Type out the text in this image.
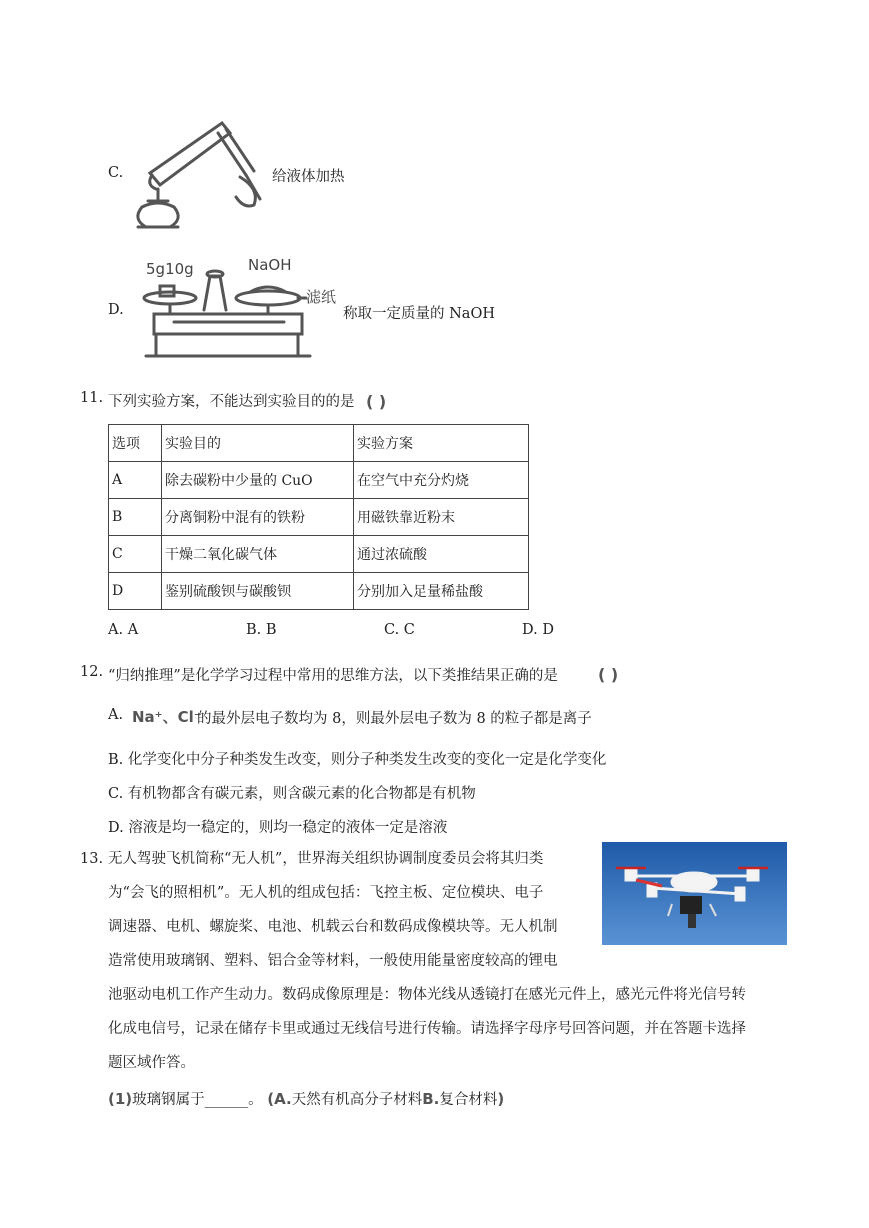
C.	给液体加热
D.
5g10g	NaOH
滤纸
称取一定质量的 NaOH
11. 下列实验方案，不能达到实验目的的是 ( )
选项	实验目的	实验方案
A	除去碳粉中少量的 CuO	在空气中充分灼烧
B	分离铜粉中混有的铁粉	用磁铁靠近粉末
C	干燥二氧化碳气体	通过浓硫酸
D	鉴别硫酸钡与碳酸钡	分别加入足量稀盐酸
A. A	B. B	C. C	D. D
12. “归纳推理”是化学学习过程中常用的思维方法，以下类推结果正确的是	( )
A. Na⁺、Cl⁻
的最外层电子数均为 8，则最外层电子数为 8 的粒子都是离子
B. 化学变化中分子种类发生改变，则分子种类发生改变的变化一定是化学变化
C. 有机物都含有碳元素，则含碳元素的化合物都是有机物
D. 溶液是均一稳定的，则均一稳定的液体一定是溶液
13. 无人驾驶飞机简称“无人机”，世界海关组织协调制度委员会将其归类
为“会飞的照相机”。无人机的组成包括：飞控主板、定位模块、电子
调速器、电机、螺旋桨、电池、机载云台和数码成像模块等。无人机制
造常使用玻璃钢、塑料、铝合金等材料，一般使用能量密度较高的锂电
池驱动电机工作产生动力。数码成像原理是：物体光线从透镜打在感光元件上，感光元件将光信号转
化成电信号，记录在储存卡里或通过无线信号进行传输。请选择字母序号回答问题，并在答题卡选择
题区域作答。
(1)玻璃钢属于______。 (A.天然有机高分子材料B.复合材料)
